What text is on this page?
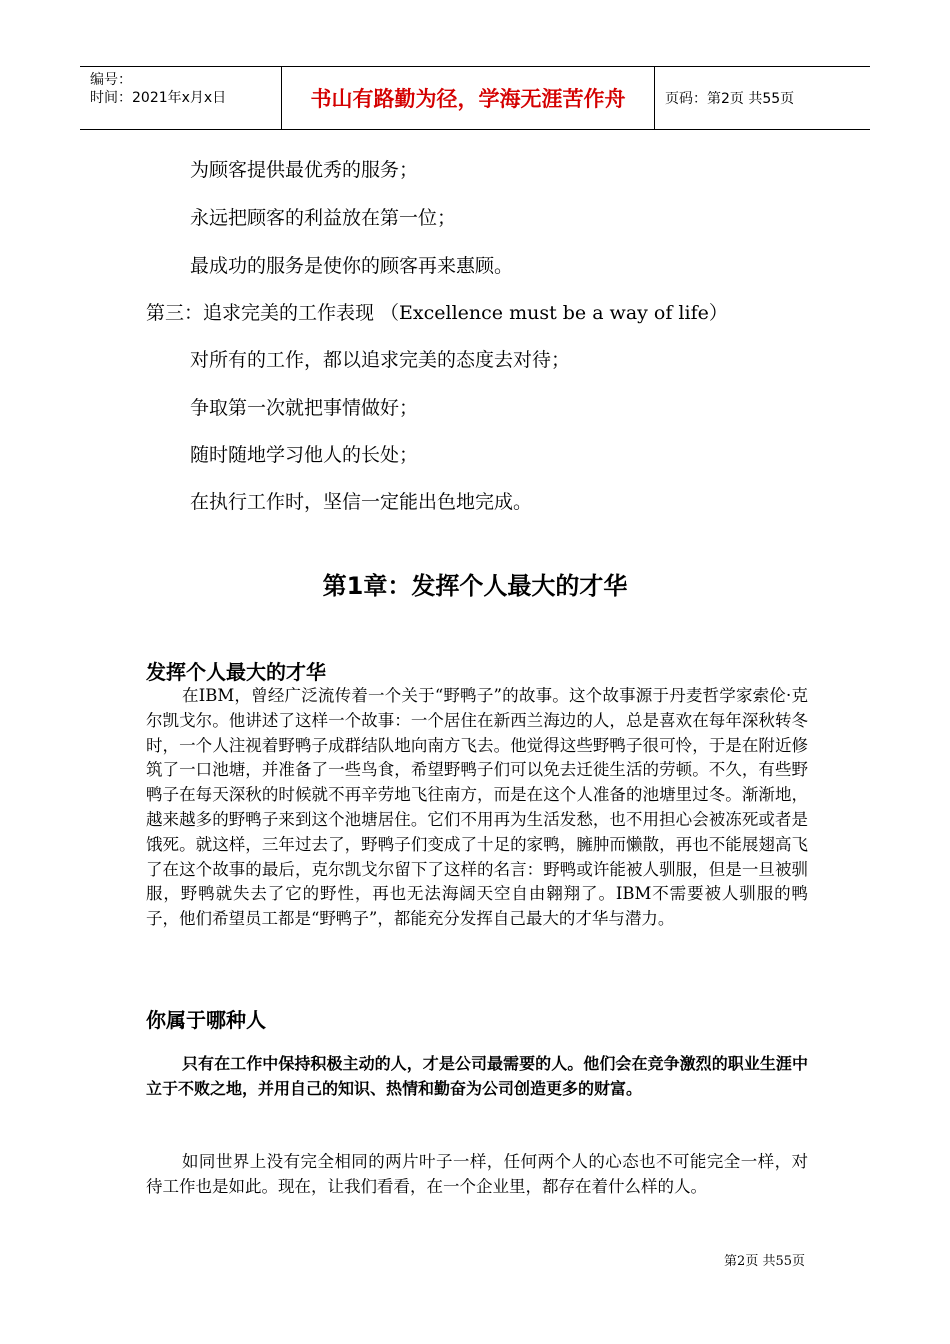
编号：
时间：2021年x月x日	书山有路勤为径，学海无涯苦作舟	页码：第2页 共55页
为顾客提供最优秀的服务；
永远把顾客的利益放在第一位；
最成功的服务是使你的顾客再来惠顾。
第三：追求完美的工作表现 （Excellence must be a way of life）
对所有的工作，都以追求完美的态度去对待；
争取第一次就把事情做好；
随时随地学习他人的长处；
在执行工作时，坚信一定能出色地完成。
第1章：发挥个人最大的才华
发挥个人最大的才华
在IBM，曾经广泛流传着一个关于“野鸭子”的故事。这个故事源于丹麦哲学家索伦·克尔凯戈尔。他讲述了这样一个故事：一个居住在新西兰海边的人，总是喜欢在每年深秋转冬时，一个人注视着野鸭子成群结队地向南方飞去。他觉得这些野鸭子很可怜，于是在附近修筑了一口池塘，并准备了一些鸟食，希望野鸭子们可以免去迁徙生活的劳顿。不久，有些野鸭子在每天深秋的时候就不再辛劳地飞往南方，而是在这个人准备的池塘里过冬。渐渐地，越来越多的野鸭子来到这个池塘居住。它们不用再为生活发愁，也不用担心会被冻死或者是饿死。就这样，三年过去了，野鸭子们变成了十足的家鸭，臃肿而懒散，再也不能展翅高飞了在这个故事的最后，克尔凯戈尔留下了这样的名言：野鸭或许能被人驯服，但是一旦被驯服，野鸭就失去了它的野性，再也无法海阔天空自由翱翔了。IBM不需要被人驯服的鸭子，他们希望员工都是“野鸭子”，都能充分发挥自己最大的才华与潜力。
你属于哪种人
只有在工作中保持积极主动的人，才是公司最需要的人。他们会在竞争激烈的职业生涯中立于不败之地，并用自己的知识、热情和勤奋为公司创造更多的财富。
如同世界上没有完全相同的两片叶子一样，任何两个人的心态也不可能完全一样，对待工作也是如此。现在，让我们看看，在一个企业里，都存在着什么样的人。
第2页 共55页
